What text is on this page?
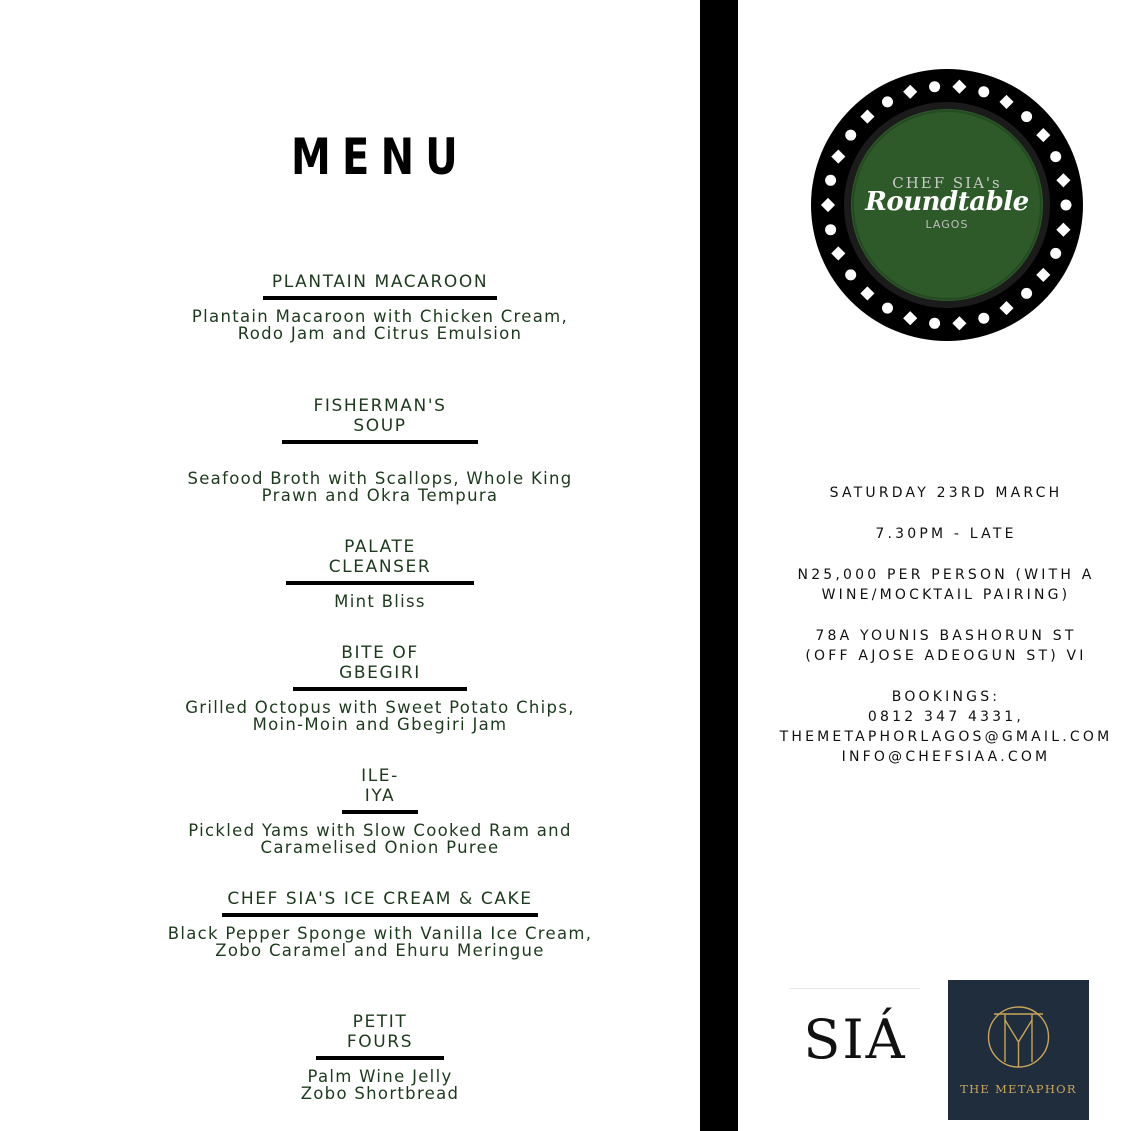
MENU
PLANTAIN MACAROON
Plantain Macaroon with Chicken Cream,
Rodo Jam and Citrus Emulsion
FISHERMAN'S SOUP
Seafood Broth with Scallops, Whole King
Prawn and Okra Tempura
PALATE CLEANSER
Mint Bliss
BITE OF GBEGIRI
Grilled Octopus with Sweet Potato Chips,
Moin-Moin and Gbegiri Jam
ILE-IYA
Pickled Yams with Slow Cooked Ram and
Caramelised Onion Puree
CHEF SIA'S ICE CREAM & CAKE
Black Pepper Sponge with Vanilla Ice Cream,
Zobo Caramel and Ehuru Meringue
PETIT FOURS
Palm Wine Jelly
Zobo Shortbread
CHEF SIA's
Roundtable
LAGOS
SATURDAY 23RD MARCH
7.30PM - LATE
N25,000 PER PERSON (WITH A
WINE/MOCKTAIL PAIRING)
78A YOUNIS BASHORUN ST
(OFF AJOSE ADEOGUN ST) VI
BOOKINGS:
0812 347 4331,
THEMETAPHORLAGOS@GMAIL.COM
INFO@CHEFSIAA.COM
SIÁ
THE METAPHOR
